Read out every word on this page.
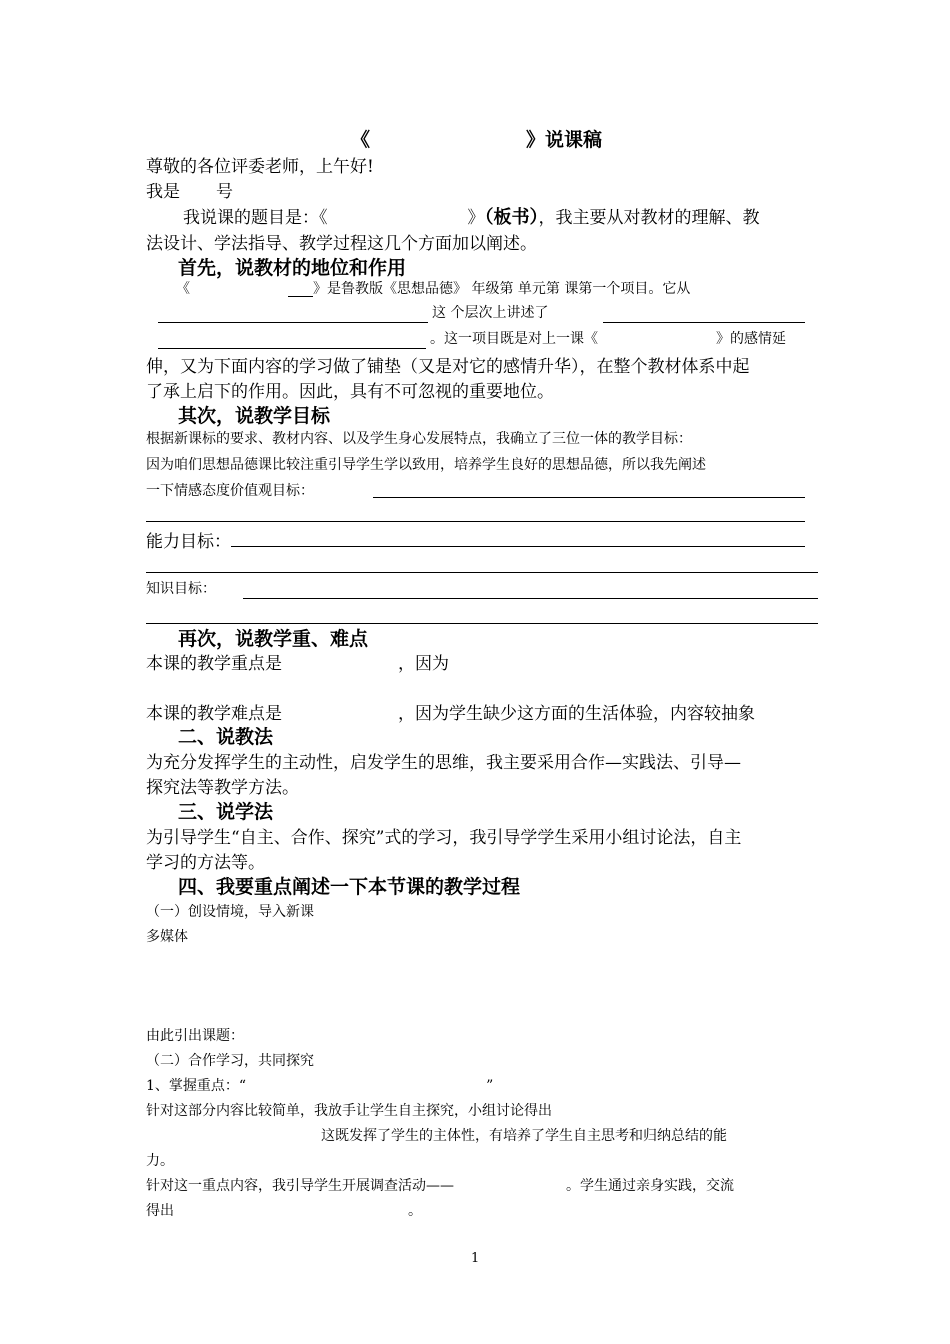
《	》说课稿
尊敬的各位评委老师，上午好!
我是 号
我说课的题目是：《	》（板书），我主要从对教材的理解、教
法设计、学法指导、教学过程这几个方面加以阐述。
首先，说教材的地位和作用
《	》是鲁教版《思想品德》 年级第 单元第 课第一个项目。它从
这 个层次上讲述了
。这一项目既是对上一课《	》的感情延
伸，又为下面内容的学习做了铺垫（又是对它的感情升华），在整个教材体系中起
了承上启下的作用。因此，具有不可忽视的重要地位。
其次，说教学目标
根据新课标的要求、教材内容、以及学生身心发展特点，我确立了三位一体的教学目标：
因为咱们思想品德课比较注重引导学生学以致用，培养学生良好的思想品德，所以我先阐述
一下情感态度价值观目标：
能力目标：
知识目标：
再次，说教学重、难点
本课的教学重点是	，因为
本课的教学难点是	，因为学生缺少这方面的生活体验，内容较抽象
二、说教法
为充分发挥学生的主动性，启发学生的思维，我主要采用合作—实践法、引导—
探究法等教学方法。
三、说学法
为引导学生“自主、合作、探究”式的学习，我引导学学生采用小组讨论法，自主
学习的方法等。
四、我要重点阐述一下本节课的教学过程
（一）创设情境，导入新课
多媒体
由此引出课题：
（二）合作学习，共同探究
1、掌握重点：“	”
针对这部分内容比较简单，我放手让学生自主探究，小组讨论得出
这既发挥了学生的主体性，有培养了学生自主思考和归纳总结的能
力。
针对这一重点内容，我引导学生开展调查活动——	。学生通过亲身实践，交流
得出	。
1
